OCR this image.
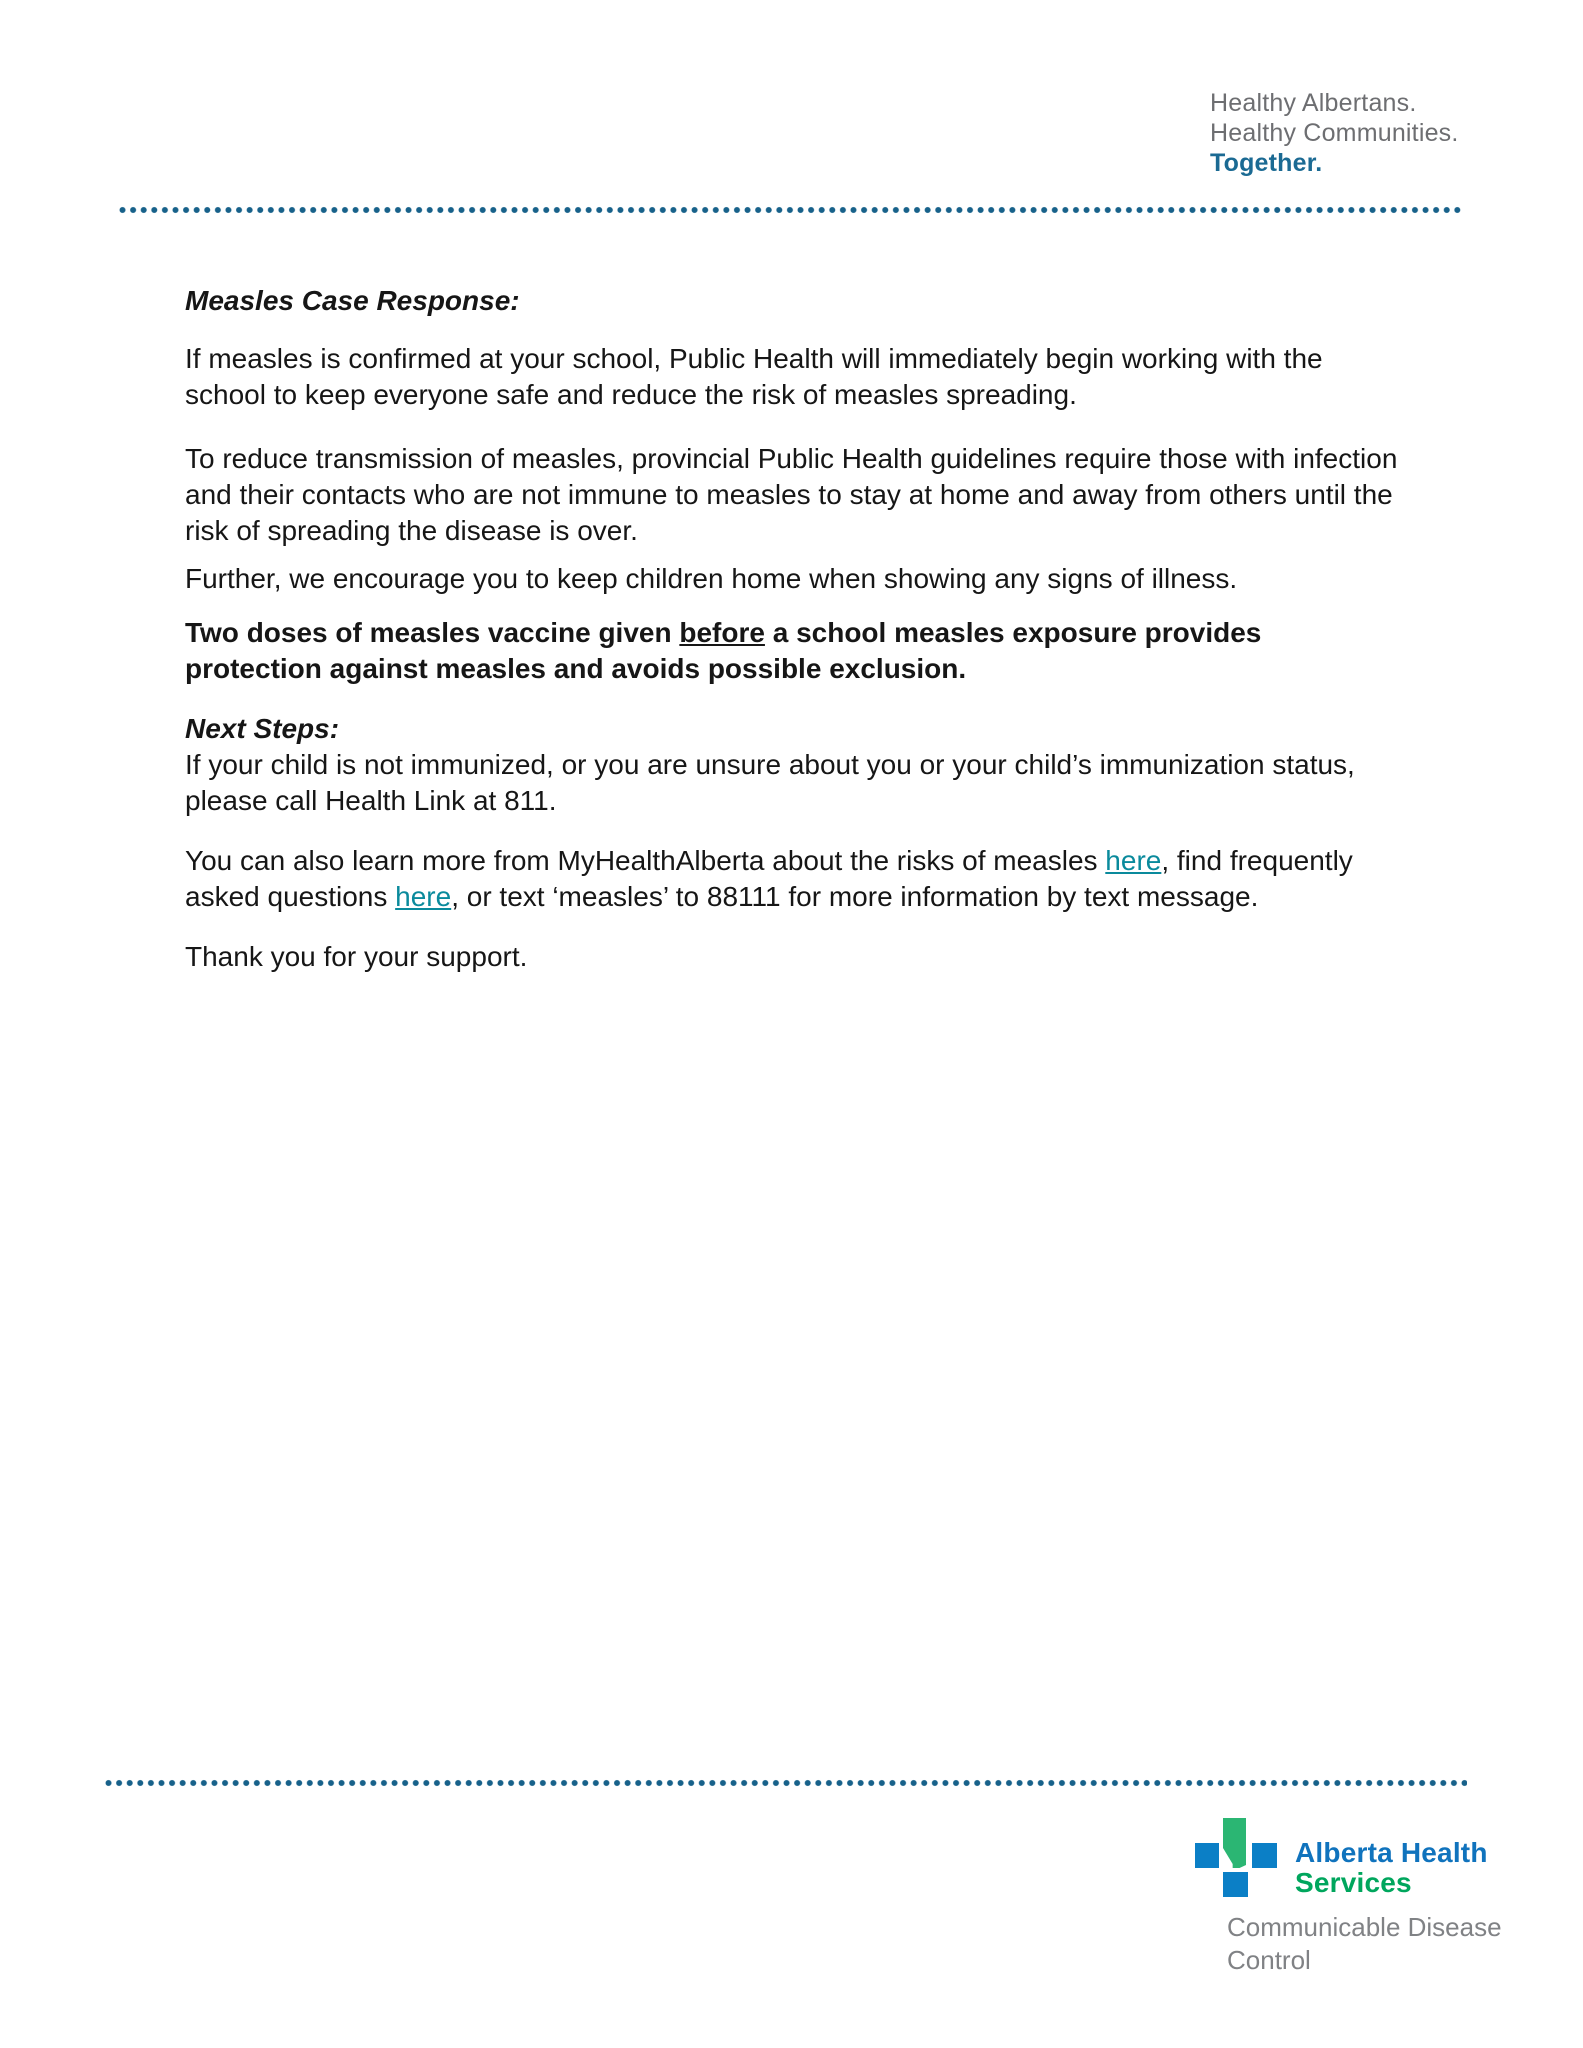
Healthy Albertans.
Healthy Communities.
Together.

Measles Case Response:

If measles is confirmed at your school, Public Health will immediately begin working with the school to keep everyone safe and reduce the risk of measles spreading.

To reduce transmission of measles, provincial Public Health guidelines require those with infection and their contacts who are not immune to measles to stay at home and away from others until the risk of spreading the disease is over.

Further, we encourage you to keep children home when showing any signs of illness.

Two doses of measles vaccine given before a school measles exposure provides protection against measles and avoids possible exclusion.

Next Steps:

If your child is not immunized, or you are unsure about you or your child’s immunization status, please call Health Link at 811.

You can also learn more from MyHealthAlberta about the risks of measles here, find frequently asked questions here, or text ‘measles’ to 88111 for more information by text message.

Thank you for your support.

Alberta Health
Services
Communicable Disease
Control
